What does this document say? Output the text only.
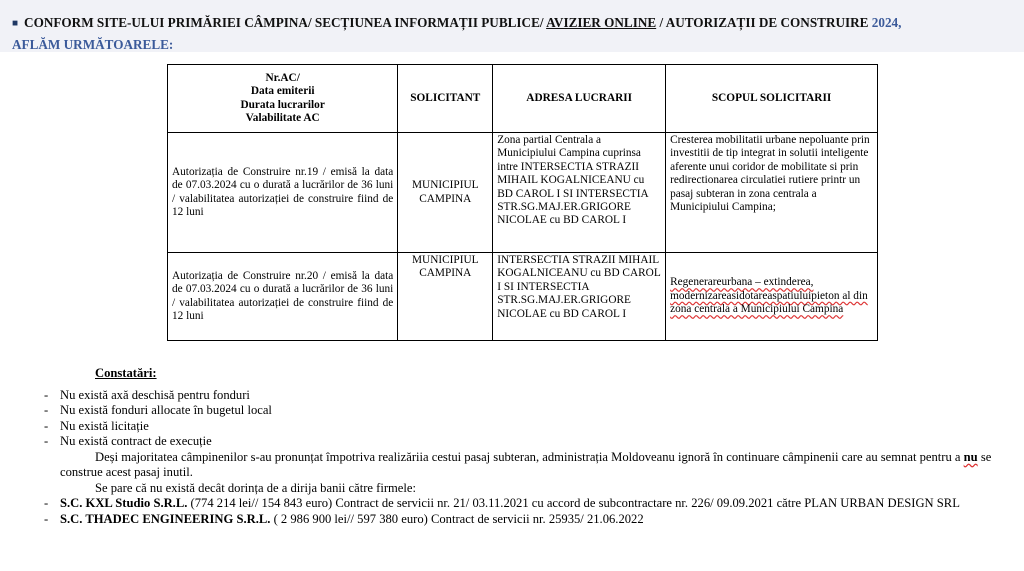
■ CONFORM SITE-ULUI PRIMĂRIEI CÂMPINA/ SECȚIUNEA INFORMAȚII PUBLICE/ AVIZIER ONLINE / AUTORIZAȚII DE CONSTRUIRE 2024,
AFLĂM URMĂTOARELE:
Nr.AC/
Data emiterii
Durata lucrarilor
Valabilitate AC	SOLICITANT	ADRESA LUCRARII	SCOPUL SOLICITARII
Autorizația de Construire nr.19 / emisă la data de 07.03.2024 cu o durată a lucrărilor de 36 luni / valabilitatea autorizației de construire fiind de 12 luni	MUNICIPIUL CAMPINA	Zona partial Centrala a Municipiului Campina cuprinsa intre INTERSECTIA STRAZII MIHAIL KOGALNICEANU cu BD CAROL I SI INTERSECTIA STR.SG.MAJ.ER.GRIGORE NICOLAE cu BD CAROL I	Cresterea mobilitatii urbane nepoluante prin investitii de tip integrat in solutii inteligente aferente unui coridor de mobilitate si prin redirectionarea circulatiei rutiere printr un pasaj subteran in zona centrala a Municipiului Campina;
Autorizația de Construire nr.20 / emisă la data de 07.03.2024 cu o durată a lucrărilor de 36 luni / valabilitatea autorizației de construire fiind de 12 luni	MUNICIPIUL CAMPINA	INTERSECTIA STRAZII MIHAIL KOGALNICEANU cu BD CAROL I SI INTERSECTIA STR.SG.MAJ.ER.GRIGORE NICOLAE cu BD CAROL I	Regenerareurbana – extinderea, modernizareasidotareaspatiuluipieton al din zona centrala a Municipiului Campina
Constatări:
- Nu există axă deschisă pentru fonduri
- Nu există fonduri allocate în bugetul local
- Nu există licitație
- Nu există contract de execuție
Deși majoritatea câmpinenilor s-au pronunțat împotriva realizăriia cestui pasaj subteran, administrația Moldoveanu ignoră în continuare câmpinenii care au semnat pentru a nu se construe acest pasaj inutil.
Se pare că nu există decât dorința de a dirija banii către firmele:
- S.C. KXL Studio S.R.L. (774 214 lei// 154 843 euro) Contract de servicii nr. 21/ 03.11.2021 cu accord de subcontractare nr. 226/ 09.09.2021 către PLAN URBAN DESIGN SRL
- S.C. THADEC ENGINEERING S.R.L. ( 2 986 900 lei// 597 380 euro) Contract de servicii nr. 25935/ 21.06.2022
